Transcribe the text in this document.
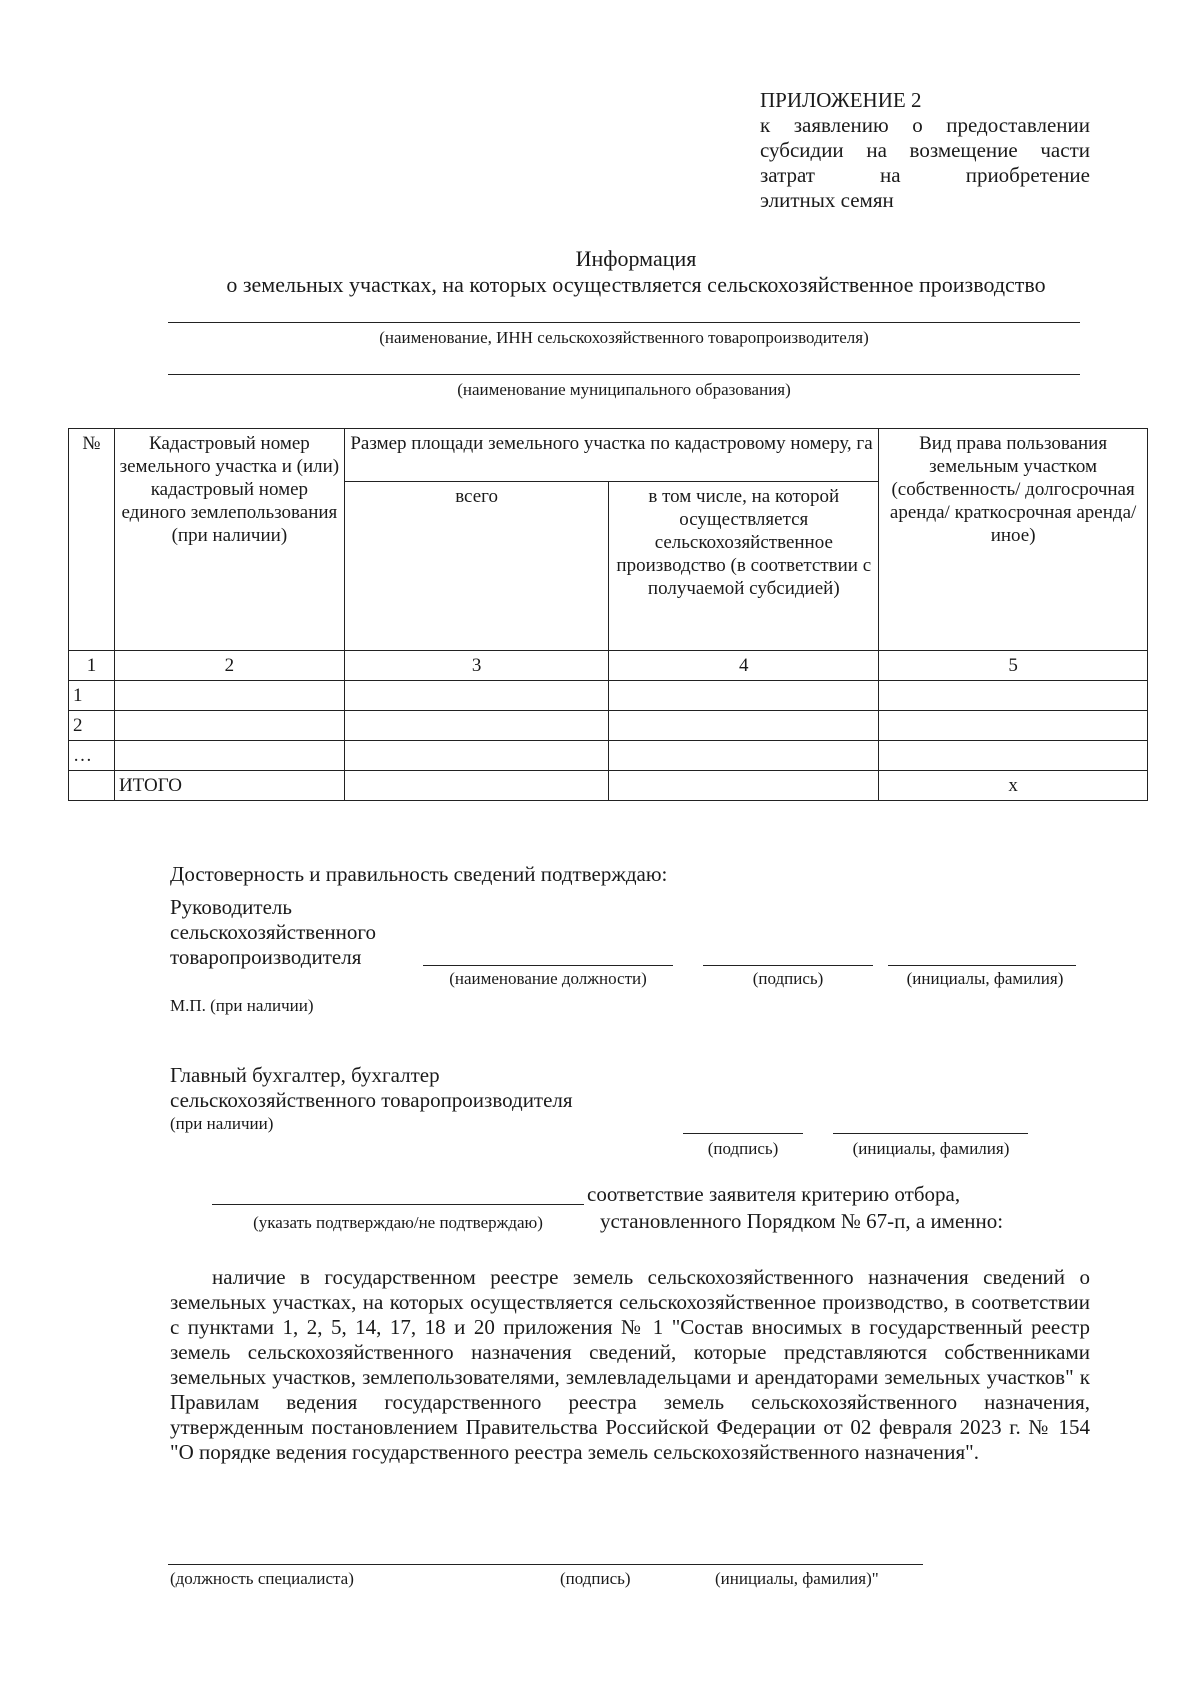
ПРИЛОЖЕНИЕ 2
к заявлению о предоставлении
субсидии на возмещение части
затрат на приобретение
элитных семян
Информация
о земельных участках, на которых осуществляется сельскохозяйственное производство
(наименование, ИНН сельскохозяйственного товаропроизводителя)
(наименование муниципального образования)
№	Кадастровый номер земельного участка и (или) кадастровый номер единого землепользования (при наличии)	Размер площади земельного участка по кадастровому номеру, га		Вид права пользования земельным участком (собственность/ долгосрочная аренда/ краткосрочная аренда/ иное)
		всего	в том числе, на которой осуществляется сельскохозяйственное производство (в соответствии с получаемой субсидией)	
1	2	3	4	5
1				
2				
…				
	ИТОГО			х
Достоверность и правильность сведений подтверждаю:
Руководитель
сельскохозяйственного
товаропроизводителя
(наименование должности)	(подпись)	(инициалы, фамилия)
М.П. (при наличии)
Главный бухгалтер, бухгалтер
сельскохозяйственного товаропроизводителя
(при наличии)
(подпись)	(инициалы, фамилия)
соответствие заявителя критерию отбора,
(указать подтверждаю/не подтверждаю)	установленного Порядком № 67-п, а именно:

наличие в государственном реестре земель сельскохозяйственного назначения сведений о земельных участках, на которых осуществляется сельскохозяйственное производство, в соответствии с пунктами 1, 2, 5, 14, 17, 18 и 20 приложения № 1 "Состав вносимых в государственный реестр земель сельскохозяйственного назначения сведений, которые представляются собственниками земельных участков, землепользователями, землевладельцами и арендаторами земельных участков" к Правилам ведения государственного реестра земель сельскохозяйственного назначения, утвержденным постановлением Правительства Российской Федерации от 02 февраля 2023 г. № 154 "О порядке ведения государственного реестра земель сельскохозяйственного назначения".

(должность специалиста)	(подпись)	(инициалы, фамилия)"
